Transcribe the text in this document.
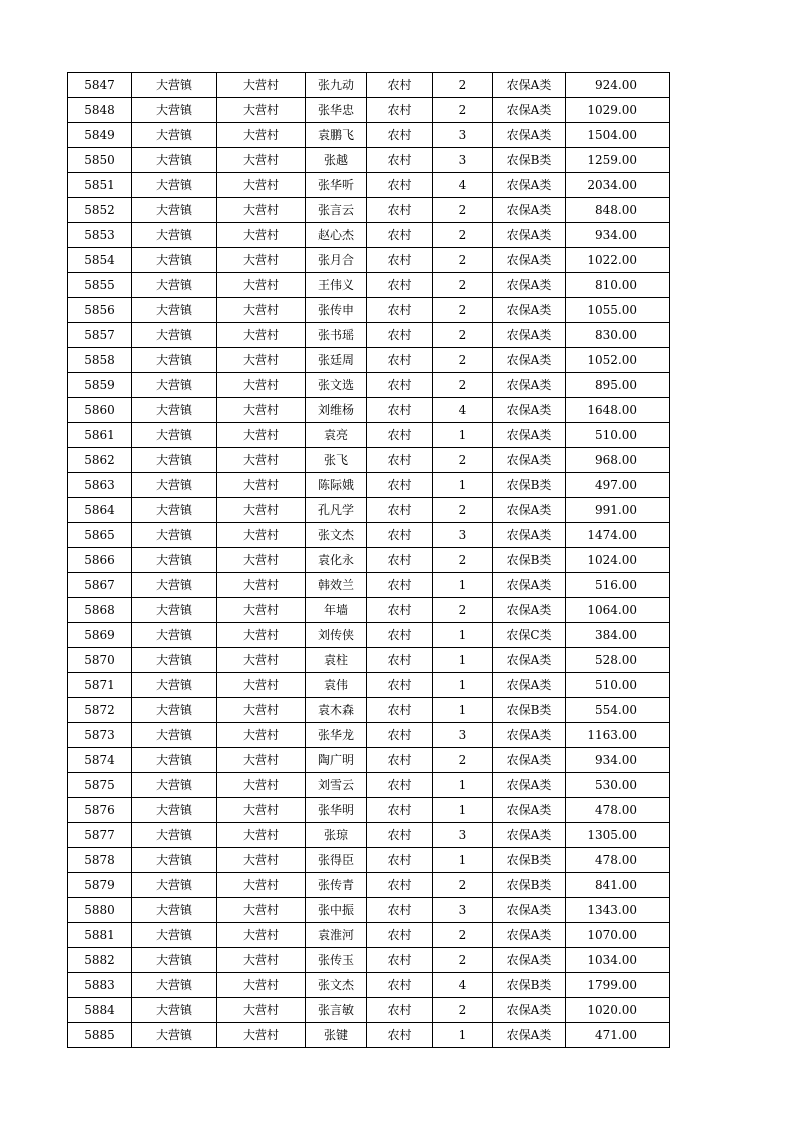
5847	大营镇	大营村	张九动	农村	2	农保A类	924.00
5848	大营镇	大营村	张华忠	农村	2	农保A类	1029.00
5849	大营镇	大营村	袁鹏飞	农村	3	农保A类	1504.00
5850	大营镇	大营村	张越	农村	3	农保B类	1259.00
5851	大营镇	大营村	张华听	农村	4	农保A类	2034.00
5852	大营镇	大营村	张言云	农村	2	农保A类	848.00
5853	大营镇	大营村	赵心杰	农村	2	农保A类	934.00
5854	大营镇	大营村	张月合	农村	2	农保A类	1022.00
5855	大营镇	大营村	王伟义	农村	2	农保A类	810.00
5856	大营镇	大营村	张传申	农村	2	农保A类	1055.00
5857	大营镇	大营村	张书瑶	农村	2	农保A类	830.00
5858	大营镇	大营村	张廷周	农村	2	农保A类	1052.00
5859	大营镇	大营村	张文选	农村	2	农保A类	895.00
5860	大营镇	大营村	刘维杨	农村	4	农保A类	1648.00
5861	大营镇	大营村	袁亮	农村	1	农保A类	510.00
5862	大营镇	大营村	张飞	农村	2	农保A类	968.00
5863	大营镇	大营村	陈际娥	农村	1	农保B类	497.00
5864	大营镇	大营村	孔凡学	农村	2	农保A类	991.00
5865	大营镇	大营村	张文杰	农村	3	农保A类	1474.00
5866	大营镇	大营村	袁化永	农村	2	农保B类	1024.00
5867	大营镇	大营村	韩效兰	农村	1	农保A类	516.00
5868	大营镇	大营村	年墙	农村	2	农保A类	1064.00
5869	大营镇	大营村	刘传侠	农村	1	农保C类	384.00
5870	大营镇	大营村	袁柱	农村	1	农保A类	528.00
5871	大营镇	大营村	袁伟	农村	1	农保A类	510.00
5872	大营镇	大营村	袁木森	农村	1	农保B类	554.00
5873	大营镇	大营村	张华龙	农村	3	农保A类	1163.00
5874	大营镇	大营村	陶广明	农村	2	农保A类	934.00
5875	大营镇	大营村	刘雪云	农村	1	农保A类	530.00
5876	大营镇	大营村	张华明	农村	1	农保A类	478.00
5877	大营镇	大营村	张琼	农村	3	农保A类	1305.00
5878	大营镇	大营村	张得臣	农村	1	农保B类	478.00
5879	大营镇	大营村	张传青	农村	2	农保B类	841.00
5880	大营镇	大营村	张中振	农村	3	农保A类	1343.00
5881	大营镇	大营村	袁淮河	农村	2	农保A类	1070.00
5882	大营镇	大营村	张传玉	农村	2	农保A类	1034.00
5883	大营镇	大营村	张文杰	农村	4	农保B类	1799.00
5884	大营镇	大营村	张言敏	农村	2	农保A类	1020.00
5885	大营镇	大营村	张键	农村	1	农保A类	471.00
